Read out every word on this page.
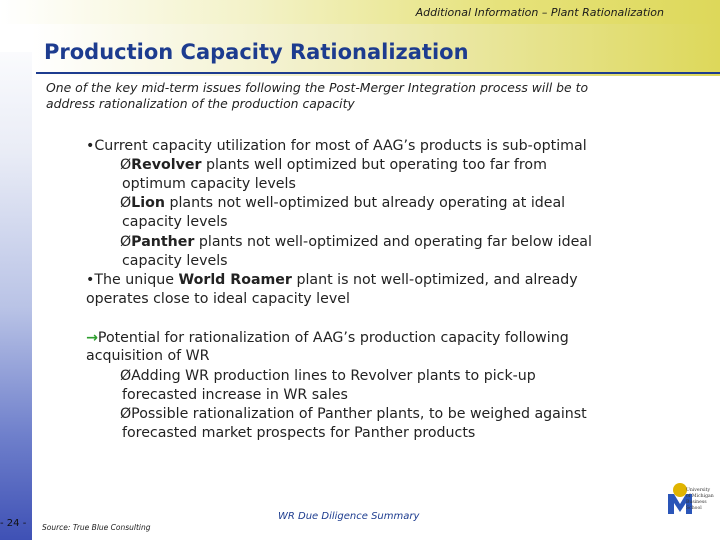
Additional Information – Plant Rationalization
Production Capacity Rationalization
One of the key mid-term issues following the Post-Merger Integration process will be to
address rationalization of the production capacity
•Current capacity utilization for most of AAG’s products is sub-optimal
ØRevolver plants well optimized but operating too far from
optimum capacity levels
ØLion plants not well-optimized but already operating at ideal
capacity levels
ØPanther plants not well-optimized and operating far below ideal
capacity levels
•The unique World Roamer plant is not well-optimized, and already
operates close to ideal capacity level
→Potential for rationalization of AAG’s production capacity following
acquisition of WR
ØAdding WR production lines to Revolver plants to pick-up
forecasted increase in WR sales
ØPossible rationalization of Panther plants, to be weighed against
forecasted market prospects for Panther products
- 24 - Source: True Blue Consulting
WR Due Diligence Summary
University
of Michigan
Business
School
